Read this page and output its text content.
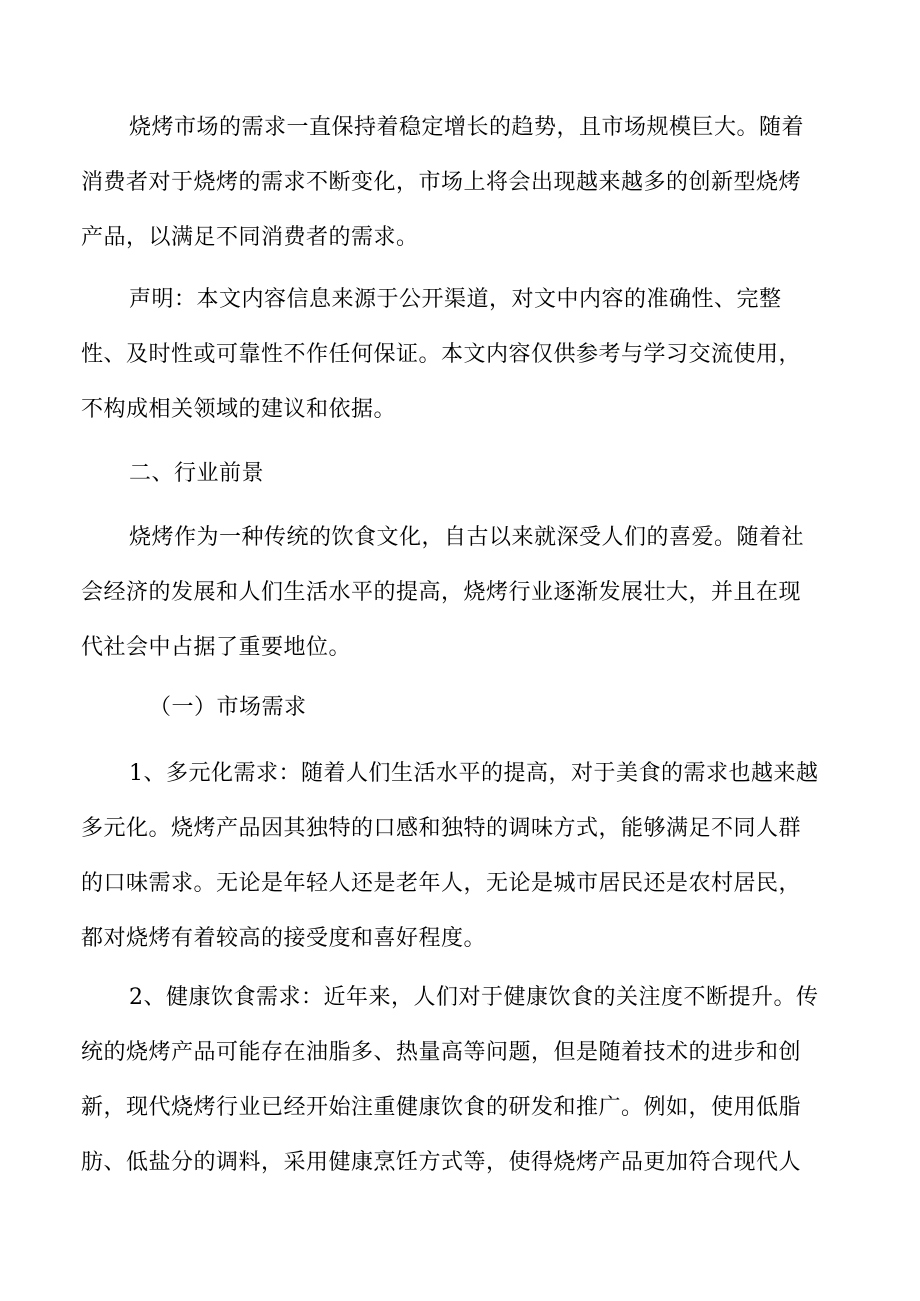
烧烤市场的需求一直保持着稳定增长的趋势，且市场规模巨大。随着
消费者对于烧烤的需求不断变化，市场上将会出现越来越多的创新型烧烤
产品，以满足不同消费者的需求。
声明：本文内容信息来源于公开渠道，对文中内容的准确性、完整
性、及时性或可靠性不作任何保证。本文内容仅供参考与学习交流使用，
不构成相关领域的建议和依据。
二、行业前景
烧烤作为一种传统的饮食文化，自古以来就深受人们的喜爱。随着社
会经济的发展和人们生活水平的提高，烧烤行业逐渐发展壮大，并且在现
代社会中占据了重要地位。
（一）市场需求
1、多元化需求：随着人们生活水平的提高，对于美食的需求也越来越
多元化。烧烤产品因其独特的口感和独特的调味方式，能够满足不同人群
的口味需求。无论是年轻人还是老年人，无论是城市居民还是农村居民，
都对烧烤有着较高的接受度和喜好程度。
2、健康饮食需求：近年来，人们对于健康饮食的关注度不断提升。传
统的烧烤产品可能存在油脂多、热量高等问题，但是随着技术的进步和创
新，现代烧烤行业已经开始注重健康饮食的研发和推广。例如，使用低脂
肪、低盐分的调料，采用健康烹饪方式等，使得烧烤产品更加符合现代人
